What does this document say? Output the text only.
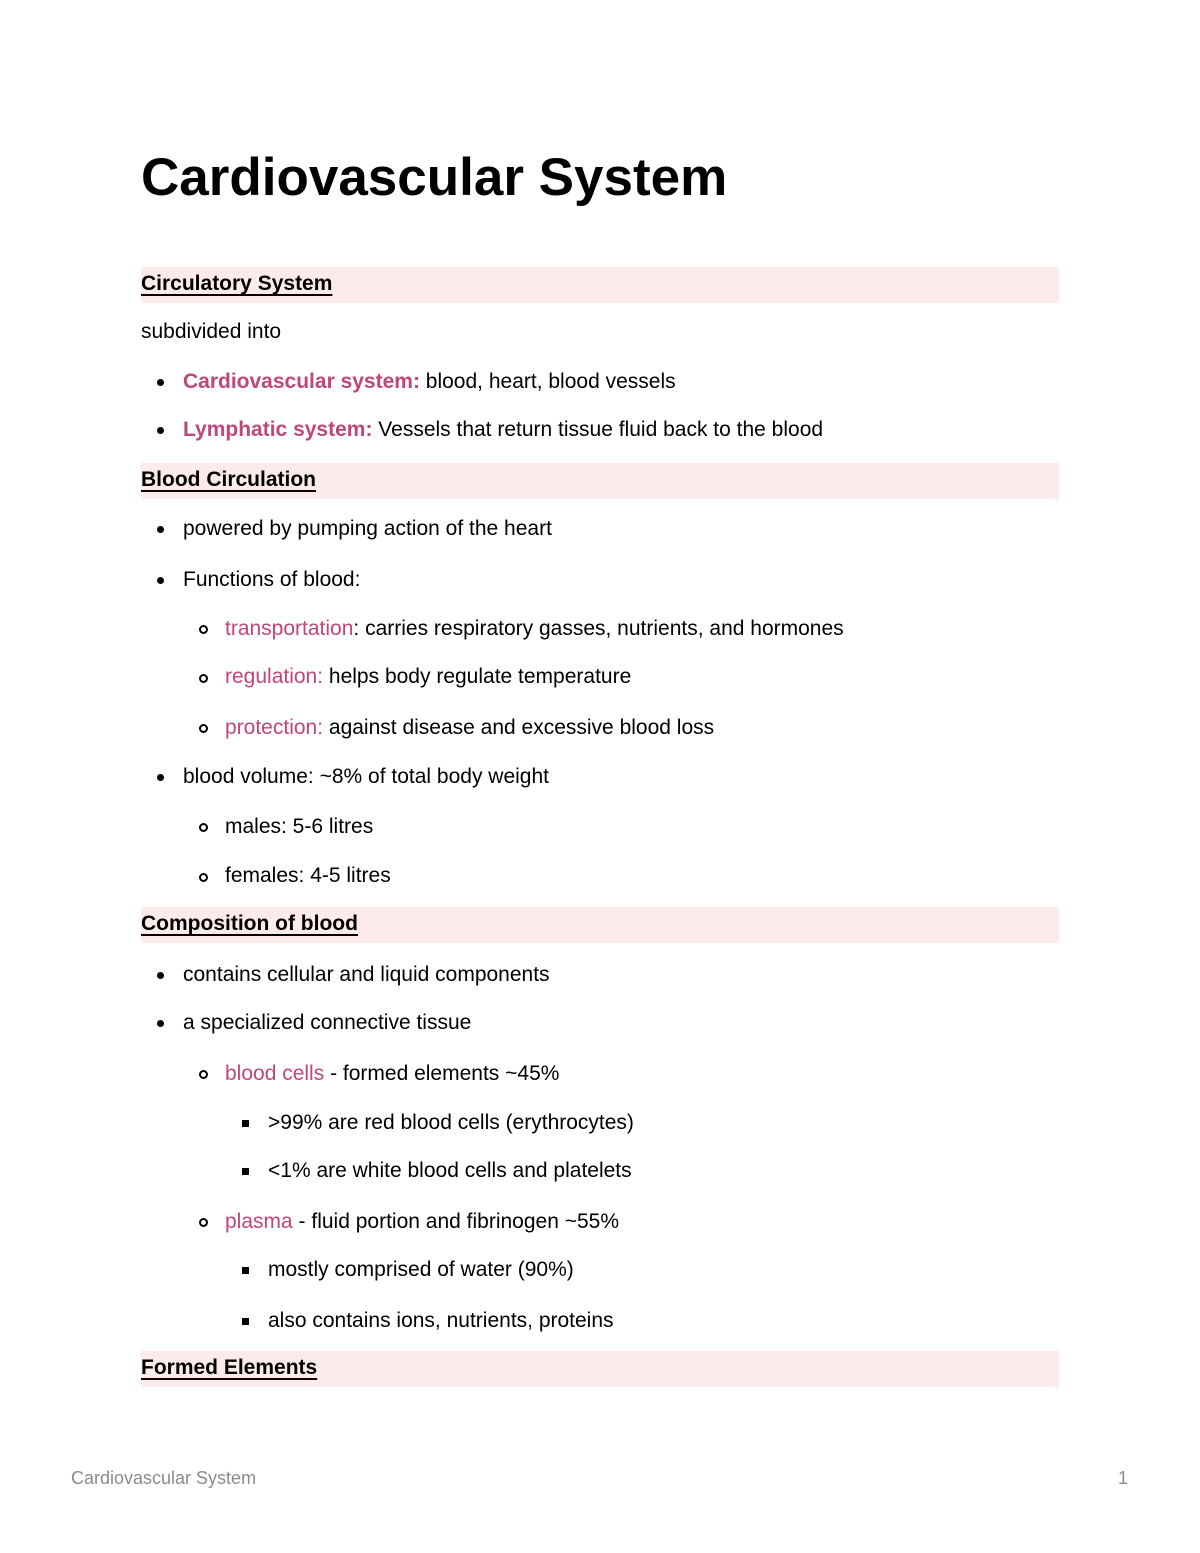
Cardiovascular System
Circulatory System
subdivided into
Cardiovascular system: blood, heart, blood vessels
Lymphatic system: Vessels that return tissue fluid back to the blood
Blood Circulation
powered by pumping action of the heart
Functions of blood:
transportation: carries respiratory gasses, nutrients, and hormones
regulation: helps body regulate temperature
protection: against disease and excessive blood loss
blood volume: ~8% of total body weight
males: 5-6 litres
females: 4-5 litres
Composition of blood
contains cellular and liquid components
a specialized connective tissue
blood cells - formed elements ~45%
>99% are red blood cells (erythrocytes)
<1% are white blood cells and platelets
plasma - fluid portion and fibrinogen ~55%
mostly comprised of water (90%)
also contains ions, nutrients, proteins
Formed Elements
Cardiovascular System	1
